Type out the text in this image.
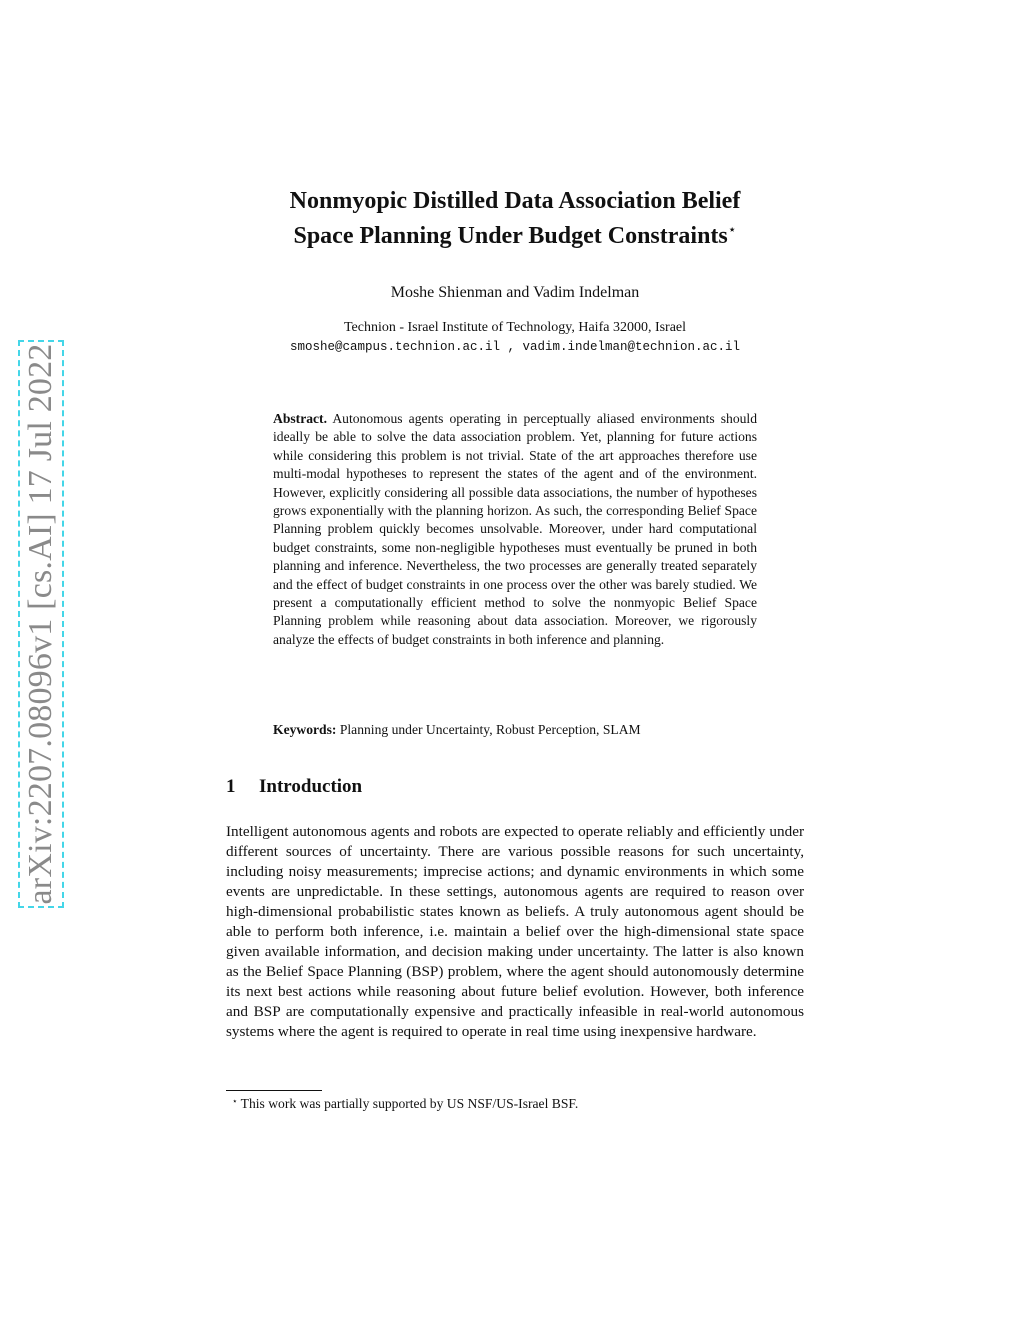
arXiv:2207.08096v1 [cs.AI] 17 Jul 2022
Nonmyopic Distilled Data Association Belief
Space Planning Under Budget Constraints⋆
Moshe Shienman and Vadim Indelman
Technion - Israel Institute of Technology, Haifa 32000, Israel
smoshe@campus.technion.ac.il , vadim.indelman@technion.ac.il
Abstract. Autonomous agents operating in perceptually aliased environments should ideally be able to solve the data association problem. Yet, planning for future actions while considering this problem is not trivial. State of the art approaches therefore use multi-modal hypotheses to represent the states of the agent and of the environment. However, explicitly considering all possible data associations, the number of hypotheses grows exponentially with the planning horizon. As such, the corresponding Belief Space Planning problem quickly becomes unsolvable. Moreover, under hard computational budget constraints, some non-negligible hypotheses must eventually be pruned in both planning and inference. Nevertheless, the two processes are generally treated separately and the effect of budget constraints in one process over the other was barely studied. We present a computationally efficient method to solve the nonmyopic Belief Space Planning problem while reasoning about data association. Moreover, we rigorously analyze the effects of budget constraints in both inference and planning.
Keywords: Planning under Uncertainty, Robust Perception, SLAM
1 Introduction
Intelligent autonomous agents and robots are expected to operate reliably and efficiently under different sources of uncertainty. There are various possible reasons for such uncertainty, including noisy measurements; imprecise actions; and dynamic environments in which some events are unpredictable. In these settings, autonomous agents are required to reason over high-dimensional probabilistic states known as beliefs. A truly autonomous agent should be able to perform both inference, i.e. maintain a belief over the high-dimensional state space given available information, and decision making under uncertainty. The latter is also known as the Belief Space Planning (BSP) problem, where the agent should autonomously determine its next best actions while reasoning about future belief evolution. However, both inference and BSP are computationally expensive and practically infeasible in real-world autonomous systems where the agent is required to operate in real time using inexpensive hardware.
⋆ This work was partially supported by US NSF/US-Israel BSF.
